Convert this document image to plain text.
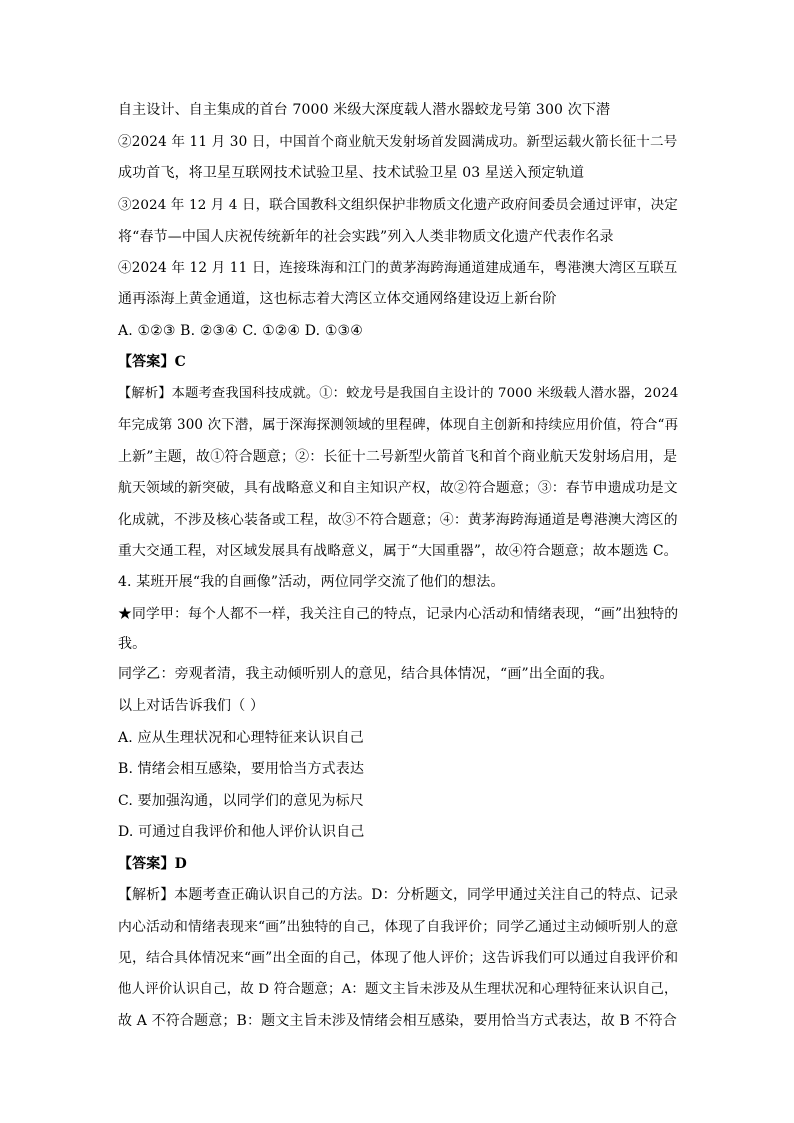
自主设计、自主集成的首台 7000 米级大深度载人潜水器蛟龙号第 300 次下潜
②2024 年 11 月 30 日，中国首个商业航天发射场首发圆满成功。新型运载火箭长征十二号
成功首飞，将卫星互联网技术试验卫星、技术试验卫星 03 星送入预定轨道
③2024 年 12 月 4 日，联合国教科文组织保护非物质文化遗产政府间委员会通过评审，决定
将“春节—中国人庆祝传统新年的社会实践”列入人类非物质文化遗产代表作名录
④2024 年 12 月 11 日，连接珠海和江门的黄茅海跨海通道建成通车，粤港澳大湾区互联互
通再添海上黄金通道，这也标志着大湾区立体交通网络建设迈上新台阶
A. ①②③ B. ②③④ C. ①②④ D. ①③④
【答案】C
【解析】本题考查我国科技成就。①：蛟龙号是我国自主设计的 7000 米级载人潜水器，2024
年完成第 300 次下潜，属于深海探测领域的里程碑，体现自主创新和持续应用价值，符合“再
上新”主题，故①符合题意；②：长征十二号新型火箭首飞和首个商业航天发射场启用，是
航天领域的新突破，具有战略意义和自主知识产权，故②符合题意；③：春节申遗成功是文
化成就，不涉及核心装备或工程，故③不符合题意；④：黄茅海跨海通道是粤港澳大湾区的
重大交通工程，对区域发展具有战略意义，属于“大国重器”，故④符合题意；故本题选 C。
4. 某班开展“我的自画像”活动，两位同学交流了他们的想法。
★同学甲：每个人都不一样，我关注自己的特点，记录内心活动和情绪表现，“画”出独特的
我。
同学乙：旁观者清，我主动倾听别人的意见，结合具体情况，“画”出全面的我。
以上对话告诉我们（ ）
A. 应从生理状况和心理特征来认识自己
B. 情绪会相互感染，要用恰当方式表达
C. 要加强沟通，以同学们的意见为标尺
D. 可通过自我评价和他人评价认识自己
【答案】D
【解析】本题考查正确认识自己的方法。D：分析题文，同学甲通过关注自己的特点、记录
内心活动和情绪表现来“画”出独特的自己，体现了自我评价；同学乙通过主动倾听别人的意
见，结合具体情况来“画”出全面的自己，体现了他人评价；这告诉我们可以通过自我评价和
他人评价认识自己，故 D 符合题意；A：题文主旨未涉及从生理状况和心理特征来认识自己，
故 A 不符合题意；B：题文主旨未涉及情绪会相互感染，要用恰当方式表达，故 B 不符合
